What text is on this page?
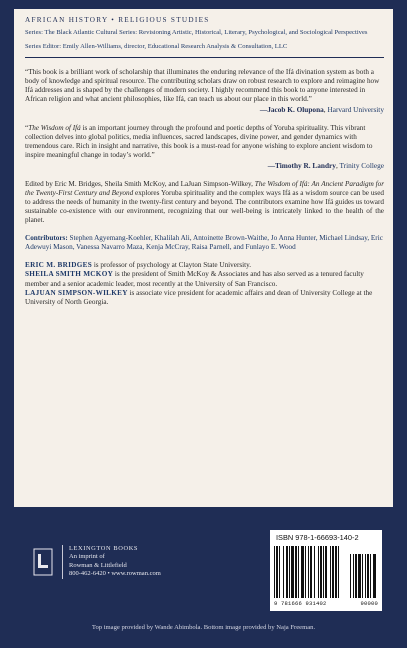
AFRICAN HISTORY • RELIGIOUS STUDIES

Series: The Black Atlantic Cultural Series: Revisioning Artistic, Historical, Literary, Psychological, and Sociological Perspectives

Series Editor: Emily Allen-Williams, director, Educational Research Analysis & Consultation, LLC

“This book is a brilliant work of scholarship that illuminates the enduring relevance of the Ifá divination system as both a body of knowledge and spiritual resource. The contributing scholars draw on robust research to explore and reimagine how Ifá addresses and is shaped by the challenges of modern society. I highly recommend this book to anyone interested in African religion and what ancient philosophies, like Ifá, can teach us about our place in this world.”

—Jacob K. Olupona, Harvard University

“The Wisdom of Ifá is an important journey through the profound and poetic depths of Yoruba spirituality. This vibrant collection delves into global politics, media influences, sacred landscapes, divine power, and gender dynamics with tremendous care. Rich in insight and narrative, this book is a must-read for anyone wishing to explore ancient wisdom to inspire meaningful change in today’s world.”

—Timothy R. Landry, Trinity College

Edited by Eric M. Bridges, Sheila Smith McKoy, and LaJuan Simpson-Wilkey, The Wisdom of Ifá: An Ancient Paradigm for the Twenty-First Century and Beyond explores Yoruba spirituality and the complex ways Ifá as a wisdom source can be used to address the needs of humanity in the twenty-first century and beyond. The contributors examine how Ifá guides us toward sustainable co-existence with our environment, recognizing that our well-being is intricately linked to the health of the planet.

Contributors: Stephen Agyemang-Koehler, Khalilah Ali, Antoinette Brown-Waithe, Jo Anna Hunter, Michael Lindsay, Eric Adewuyi Mason, Vanessa Navarro Maza, Kenja McCray, Raisa Parnell, and Funlayo E. Wood

ERIC M. BRIDGES is professor of psychology at Clayton State University.

SHEILA SMITH MCKOY is the president of Smith McKoy & Associates and has also served as a tenured faculty member and a senior academic leader, most recently at the University of San Francisco.

LAJUAN SIMPSON-WILKEY is associate vice president for academic affairs and dean of University College at the University of North Georgia.

LEXINGTON BOOKS
An imprint of
Rowman & Littlefield
800-462-6420 • www.rowman.com
ISBN 978-1-66693-140-2
9 781666 931402	90000
Top image provided by Wande Abimbola. Bottom image provided by Naja Freeman.
